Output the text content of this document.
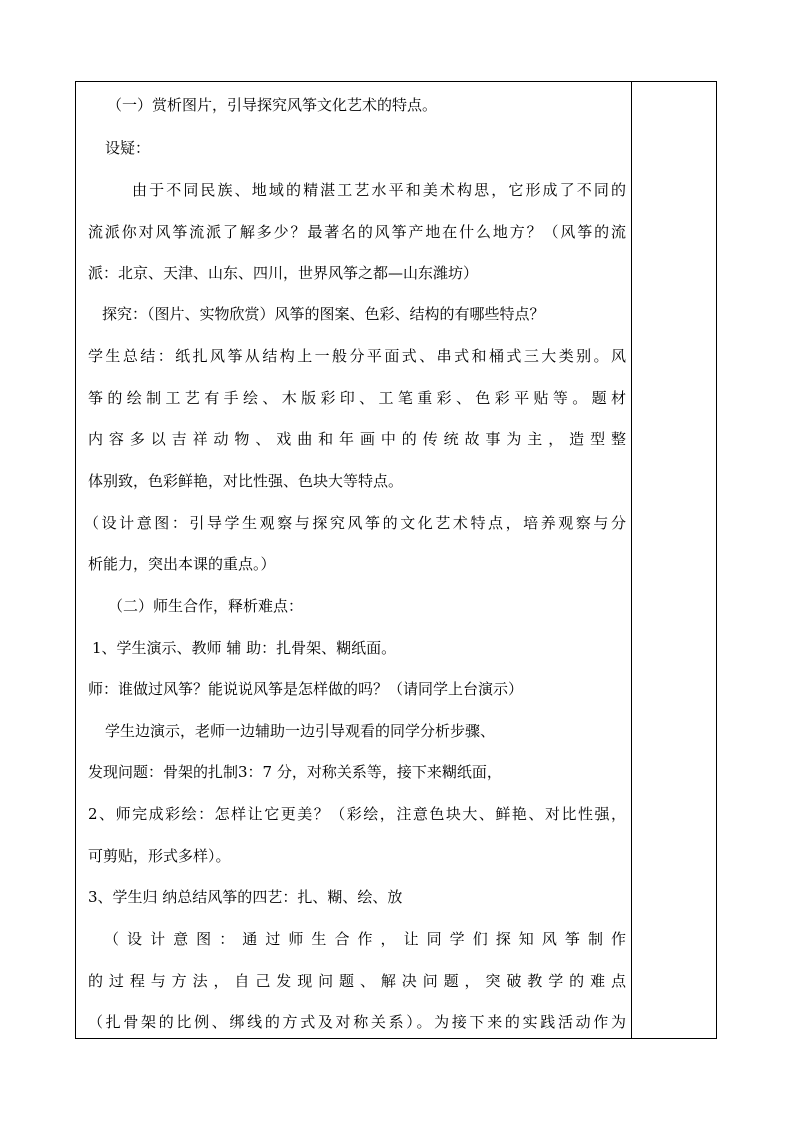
（一）赏析图片，引导探究风筝文化艺术的特点。
设疑：
由于不同民族、地域的精湛工艺水平和美术构思，它形成了不同的
流派你对风筝流派了解多少？最著名的风筝产地在什么地方？（风筝的流
派：北京、天津、山东、四川，世界风筝之都—山东潍坊）
探究：（图片、实物欣赏）风筝的图案、色彩、结构的有哪些特点？
学生总结：纸扎风筝从结构上一般分平面式、串式和桶式三大类别。风
筝的绘制工艺有手绘、木版彩印、工笔重彩、色彩平贴等。题材
内容多以吉祥动物、戏曲和年画中的传统故事为主，造型整
体别致，色彩鲜艳，对比性强、色块大等特点。
（设计意图：引导学生观察与探究风筝的文化艺术特点，培养观察与分
析能力，突出本课的重点。）
（二）师生合作，释析难点：
1、学生演示、教师 辅 助：扎骨架、糊纸面。
师：谁做过风筝？能说说风筝是怎样做的吗？（请同学上台演示）
学生边演示，老师一边辅助一边引导观看的同学分析步骤、
发现问题：骨架的扎制3：7 分，对称关系等，接下来糊纸面，
2、师完成彩绘：怎样让它更美？（彩绘，注意色块大、鲜艳、对比性强，
可剪贴，形式多样）。
3、学生归 纳总结风筝的四艺：扎、糊、绘、放
（设计意图：通过师生合作，让同学们探知风筝制作
的过程与方法，自己发现问题、解决问题，突破教学的难点
（扎骨架的比例、绑线的方式及对称关系）。为接下来的实践活动作为
